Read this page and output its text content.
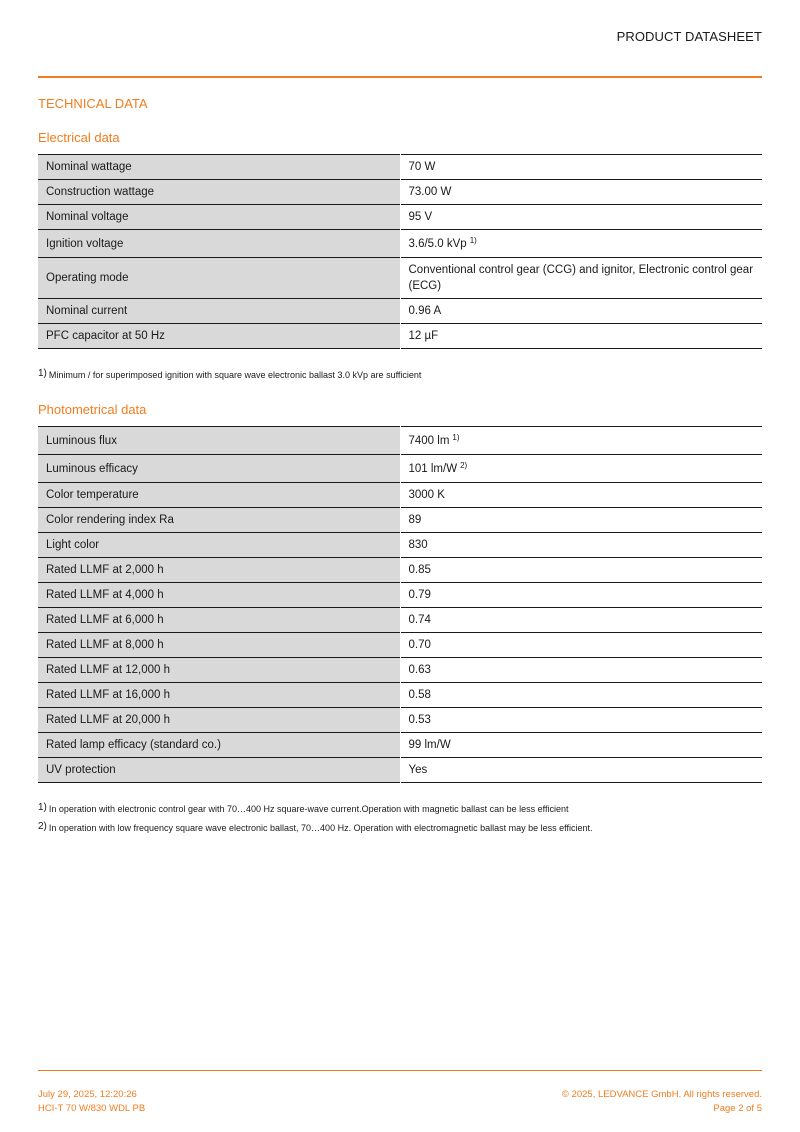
PRODUCT DATASHEET
TECHNICAL DATA
Electrical data
Nominal wattage	70 W
Construction wattage	73.00 W
Nominal voltage	95 V
Ignition voltage	3.6/5.0 kVp $^{1)}$
Operating mode	Conventional control gear (CCG) and ignitor, Electronic control gear (ECG)
Nominal current	0.96 A
PFC capacitor at 50 Hz	12 µF
$^{1)}$ Minimum / for superimposed ignition with square wave electronic ballast 3.0 kVp are sufficient
Photometrical data
Luminous flux	7400 lm $^{1)}$
Luminous efficacy	101 lm/W $^{2)}$
Color temperature	3000 K
Color rendering index Ra	89
Light color	830
Rated LLMF at 2,000 h	0.85
Rated LLMF at 4,000 h	0.79
Rated LLMF at 6,000 h	0.74
Rated LLMF at 8,000 h	0.70
Rated LLMF at 12,000 h	0.63
Rated LLMF at 16,000 h	0.58
Rated LLMF at 20,000 h	0.53
Rated lamp efficacy (standard co.)	99 lm/W
UV protection	Yes
$^{1)}$ In operation with electronic control gear with 70…400 Hz square-wave current.Operation with magnetic ballast can be less efficient
$^{2)}$ In operation with low frequency square wave electronic ballast, 70…400 Hz. Operation with electromagnetic ballast may be less efficient.
July 29, 2025, 12:20:26
HCI-T 70 W/830 WDL PB
© 2025, LEDVANCE GmbH. All rights reserved.
Page 2 of 5
